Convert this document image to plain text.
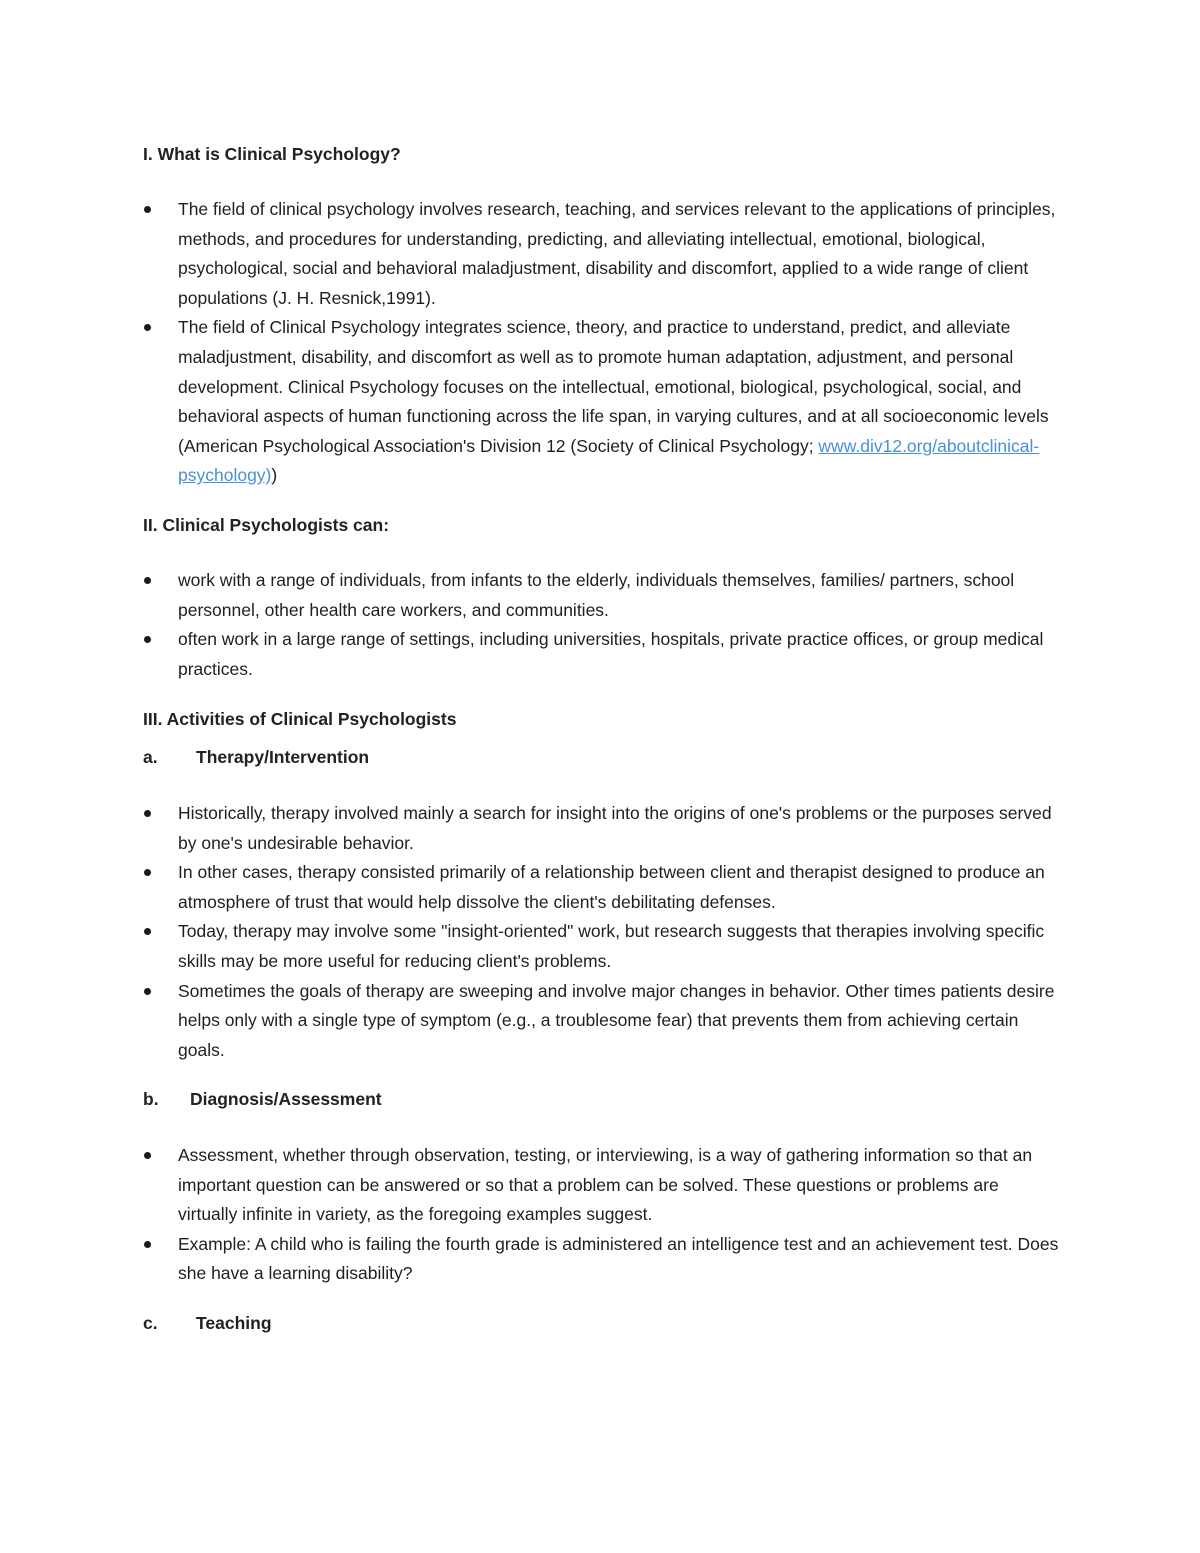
I. What is Clinical Psychology?
The field of clinical psychology involves research, teaching, and services relevant to the applications of principles, methods, and procedures for understanding, predicting, and alleviating intellectual, emotional, biological, psychological, social and behavioral maladjustment, disability and discomfort, applied to a wide range of client populations (J. H. Resnick,1991).
The field of Clinical Psychology integrates science, theory, and practice to understand, predict, and alleviate maladjustment, disability, and discomfort as well as to promote human adaptation, adjustment, and personal development. Clinical Psychology focuses on the intellectual, emotional, biological, psychological, social, and behavioral aspects of human functioning across the life span, in varying cultures, and at all socioeconomic levels (American Psychological Association's Division 12 (Society of Clinical Psychology; www.div12.org/aboutclinical-psychology))
II. Clinical Psychologists can:
work with a range of individuals, from infants to the elderly, individuals themselves, families/ partners, school personnel, other health care workers, and communities.
often work in a large range of settings, including universities, hospitals, private practice offices, or group medical practices.
III. Activities of Clinical Psychologists
a. Therapy/Intervention
Historically, therapy involved mainly a search for insight into the origins of one's problems or the purposes served by one's undesirable behavior.
In other cases, therapy consisted primarily of a relationship between client and therapist designed to produce an atmosphere of trust that would help dissolve the client's debilitating defenses.
Today, therapy may involve some "insight-oriented" work, but research suggests that therapies involving specific skills may be more useful for reducing client's problems.
Sometimes the goals of therapy are sweeping and involve major changes in behavior. Other times patients desire helps only with a single type of symptom (e.g., a troublesome fear) that prevents them from achieving certain goals.
b. Diagnosis/Assessment
Assessment, whether through observation, testing, or interviewing, is a way of gathering information so that an important question can be answered or so that a problem can be solved. These questions or problems are virtually infinite in variety, as the foregoing examples suggest.
Example: A child who is failing the fourth grade is administered an intelligence test and an achievement test. Does she have a learning disability?
c. Teaching
